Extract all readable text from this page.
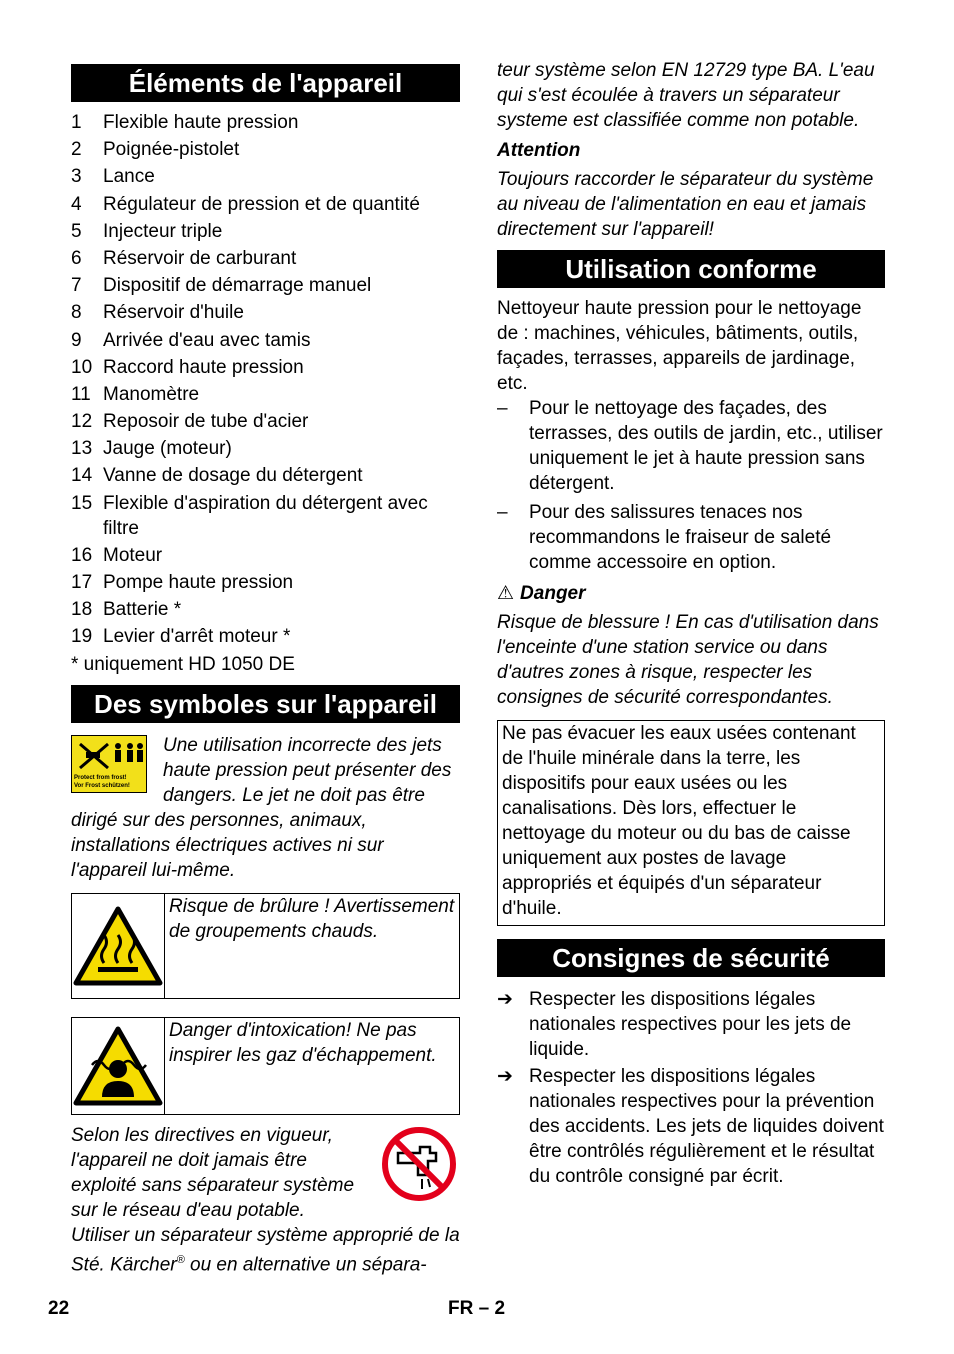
Éléments de l'appareil
1	Flexible haute pression
2	Poignée-pistolet
3	Lance
4	Régulateur de pression et de quantité
5	Injecteur triple
6	Réservoir de carburant
7	Dispositif de démarrage manuel
8	Réservoir d'huile
9	Arrivée d'eau avec tamis
10 Raccord haute pression
11 Manomètre
12 Reposoir de tube d'acier
13 Jauge (moteur)
14 Vanne de dosage du détergent
15 Flexible d'aspiration du détergent avec filtre
16 Moteur
17 Pompe haute pression
18 Batterie *
19 Levier d'arrêt moteur *

* uniquement HD 1050 DE

Des symboles sur l'appareil
Protect from frost!
Vor Frost schützen!

Une utilisation incorrecte des jets haute pression peut présenter des dangers. Le jet ne doit pas être dirigé sur des personnes, animaux, installations électriques actives ni sur l'appareil lui-même.

Risque de brûlure ! Avertissement de groupements chauds.

Danger d'intoxication! Ne pas inspirer les gaz d'échappement.

Selon les directives en vigueur, l'appareil ne doit jamais être exploité sans séparateur système sur le réseau d'eau potable. Utiliser un séparateur système approprié de la Sté. Kärcher® ou en alternative un sépara-

teur système selon EN 12729 type BA. L'eau qui s'est écoulée à travers un séparateur systeme est classifiée comme non potable.

Attention

Toujours raccorder le séparateur du système au niveau de l'alimentation en eau et jamais directement sur l'appareil!

Utilisation conforme

Nettoyeur haute pression pour le nettoyage de : machines, véhicules, bâtiments, outils, façades, terrasses, appareils de jardinage, etc.

–	Pour le nettoyage des façades, des terrasses, des outils de jardin, etc., utiliser uniquement le jet à haute pression sans détergent.
–	Pour des salissures tenaces nos recommandons le fraiseur de saleté comme accessoire en option.

⚠ Danger

Risque de blessure ! En cas d'utilisation dans l'enceinte d'une station service ou dans d'autres zones à risque, respecter les consignes de sécurité correspondantes.

Ne pas évacuer les eaux usées contenant de l'huile minérale dans la terre, les dispositifs pour eaux usées ou les canalisations. Dès lors, effectuer le nettoyage du moteur ou du bas de caisse uniquement aux postes de lavage appropriés et équipés d'un séparateur d'huile.

Consignes de sécurité
➔ Respecter les dispositions légales nationales respectives pour les jets de liquide.
➔ Respecter les dispositions légales nationales respectives pour la prévention des accidents. Les jets de liquides doivent être contrôlés régulièrement et le résultat du contrôle consigné par écrit.
22	FR – 2
